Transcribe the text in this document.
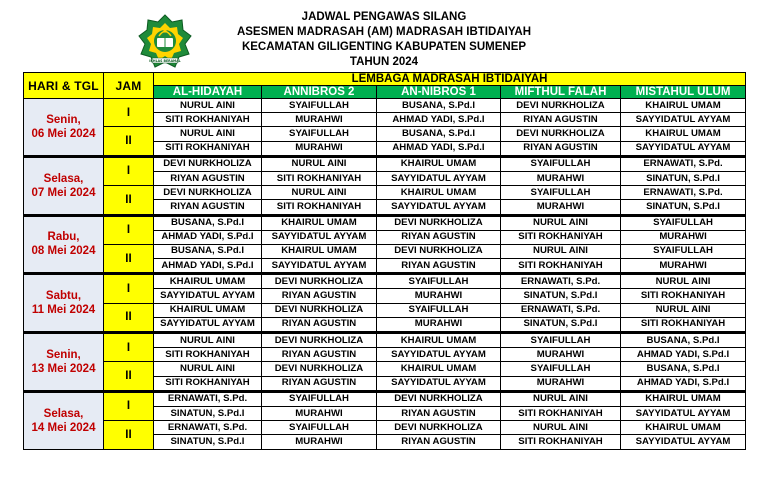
IKHLAS BERAMAL
JADWAL PENGAWAS SILANG
ASESMEN MADRASAH (AM) MADRASAH IBTIDAIYAH
KECAMATAN GILIGENTING KABUPATEN SUMENEP
TAHUN 2024
HARI & TGL	JAM	LEMBAGA MADRASAH IBTIDAIYAH				
		AL-HIDAYAH	ANNIBROS 2	AN-NIBROS 1	MIFTHUL FALAH	MISTAHUL ULUM

Senin,
06 Mei 2024	I	NURUL AINI	SYAIFULLAH	BUSANA, S.Pd.I	DEVI NURKHOLIZA	KHAIRUL UMAM
		SITI ROKHANIYAH	MURAHWI	AHMAD YADI, S.Pd.I	RIYAN AGUSTIN	SAYYIDATUL AYYAM
	II	NURUL AINI	SYAIFULLAH	BUSANA, S.Pd.I	DEVI NURKHOLIZA	KHAIRUL UMAM
		SITI ROKHANIYAH	MURAHWI	AHMAD YADI, S.Pd.I	RIYAN AGUSTIN	SAYYIDATUL AYYAM

Selasa,
07 Mei 2024	I	DEVI NURKHOLIZA	NURUL AINI	KHAIRUL UMAM	SYAIFULLAH	ERNAWATI, S.Pd.
		RIYAN AGUSTIN	SITI ROKHANIYAH	SAYYIDATUL AYYAM	MURAHWI	SINATUN, S.Pd.I
	II	DEVI NURKHOLIZA	NURUL AINI	KHAIRUL UMAM	SYAIFULLAH	ERNAWATI, S.Pd.
		RIYAN AGUSTIN	SITI ROKHANIYAH	SAYYIDATUL AYYAM	MURAHWI	SINATUN, S.Pd.I

Rabu,
08 Mei 2024	I	BUSANA, S.Pd.I	KHAIRUL UMAM	DEVI NURKHOLIZA	NURUL AINI	SYAIFULLAH
		AHMAD YADI, S.Pd.I	SAYYIDATUL AYYAM	RIYAN AGUSTIN	SITI ROKHANIYAH	MURAHWI
	II	BUSANA, S.Pd.I	KHAIRUL UMAM	DEVI NURKHOLIZA	NURUL AINI	SYAIFULLAH
		AHMAD YADI, S.Pd.I	SAYYIDATUL AYYAM	RIYAN AGUSTIN	SITI ROKHANIYAH	MURAHWI

Sabtu,
11 Mei 2024	I	KHAIRUL UMAM	DEVI NURKHOLIZA	SYAIFULLAH	ERNAWATI, S.Pd.	NURUL AINI
		SAYYIDATUL AYYAM	RIYAN AGUSTIN	MURAHWI	SINATUN, S.Pd.I	SITI ROKHANIYAH
	II	KHAIRUL UMAM	DEVI NURKHOLIZA	SYAIFULLAH	ERNAWATI, S.Pd.	NURUL AINI
		SAYYIDATUL AYYAM	RIYAN AGUSTIN	MURAHWI	SINATUN, S.Pd.I	SITI ROKHANIYAH

Senin,
13 Mei 2024	I	NURUL AINI	DEVI NURKHOLIZA	KHAIRUL UMAM	SYAIFULLAH	BUSANA, S.Pd.I
		SITI ROKHANIYAH	RIYAN AGUSTIN	SAYYIDATUL AYYAM	MURAHWI	AHMAD YADI, S.Pd.I
	II	NURUL AINI	DEVI NURKHOLIZA	KHAIRUL UMAM	SYAIFULLAH	BUSANA, S.Pd.I
		SITI ROKHANIYAH	RIYAN AGUSTIN	SAYYIDATUL AYYAM	MURAHWI	AHMAD YADI, S.Pd.I

Selasa,
14 Mei 2024	I	ERNAWATI, S.Pd.	SYAIFULLAH	DEVI NURKHOLIZA	NURUL AINI	KHAIRUL UMAM
		SINATUN, S.Pd.I	MURAHWI	RIYAN AGUSTIN	SITI ROKHANIYAH	SAYYIDATUL AYYAM
	II	ERNAWATI, S.Pd.	SYAIFULLAH	DEVI NURKHOLIZA	NURUL AINI	KHAIRUL UMAM
		SINATUN, S.Pd.I	MURAHWI	RIYAN AGUSTIN	SITI ROKHANIYAH	SAYYIDATUL AYYAM
